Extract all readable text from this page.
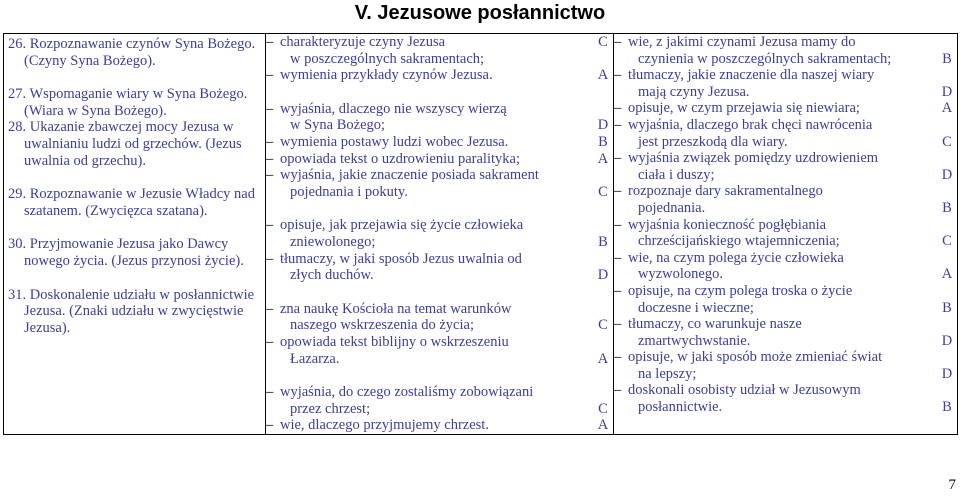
V. Jezusowe posłannictwo
26. Rozpoznawanie czynów Syna Bożego. (Czyny Syna Bożego).
27. Wspomaganie wiary w Syna Bożego. (Wiara w Syna Bożego).
28. Ukazanie zbawczej mocy Jezusa w uwalnianiu ludzi od grzechów. (Jezus uwalnia od grzechu).
29. Rozpoznawanie w Jezusie Władcy nad szatanem. (Zwycięzca szatana).
30. Przyjmowanie Jezusa jako Dawcy nowego życia. (Jezus przynosi życie).
31. Doskonalenie udziału w posłannictwie Jezusa. (Znaki udziału w zwycięstwie Jezusa).

– charakteryzuje czyny Jezusa	C
w poszczególnych sakramentach;
– wymienia przykłady czynów Jezusa.	A
– wyjaśnia, dlaczego nie wszyscy wierzą
w Syna Bożego;	D
– wymienia postawy ludzi wobec Jezusa.	B
– opowiada tekst o uzdrowieniu paralityka;	A
– wyjaśnia, jakie znaczenie posiada sakrament
pojednania i pokuty.	C
– opisuje, jak przejawia się życie człowieka
zniewolonego;	B
– tłumaczy, w jaki sposób Jezus uwalnia od
złych duchów.	D
– zna naukę Kościoła na temat warunków
naszego wskrzeszenia do życia;	C
– opowiada tekst biblijny o wskrzeszeniu
Łazarza.	A
– wyjaśnia, do czego zostaliśmy zobowiązani
przez chrzest;	C
– wie, dlaczego przyjmujemy chrzest.	A

– wie, z jakimi czynami Jezusa mamy do
czynienia w poszczególnych sakramentach;	B
– tłumaczy, jakie znaczenie dla naszej wiary
mają czyny Jezusa.	D
– opisuje, w czym przejawia się niewiara;	A
– wyjaśnia, dlaczego brak chęci nawrócenia
jest przeszkodą dla wiary.	C
– wyjaśnia związek pomiędzy uzdrowieniem
ciała i duszy;	D
– rozpoznaje dary sakramentalnego
pojednania.	B
– wyjaśnia konieczność pogłębiania
chrześcijańskiego wtajemniczenia;	C
– wie, na czym polega życie człowieka
wyzwolonego.	A
– opisuje, na czym polega troska o życie
doczesne i wieczne;	B
– tłumaczy, co warunkuje nasze
zmartwychwstanie.	D
– opisuje, w jaki sposób może zmieniać świat
na lepszy;	D
– doskonali osobisty udział w Jezusowym
posłannictwie.	B
7
